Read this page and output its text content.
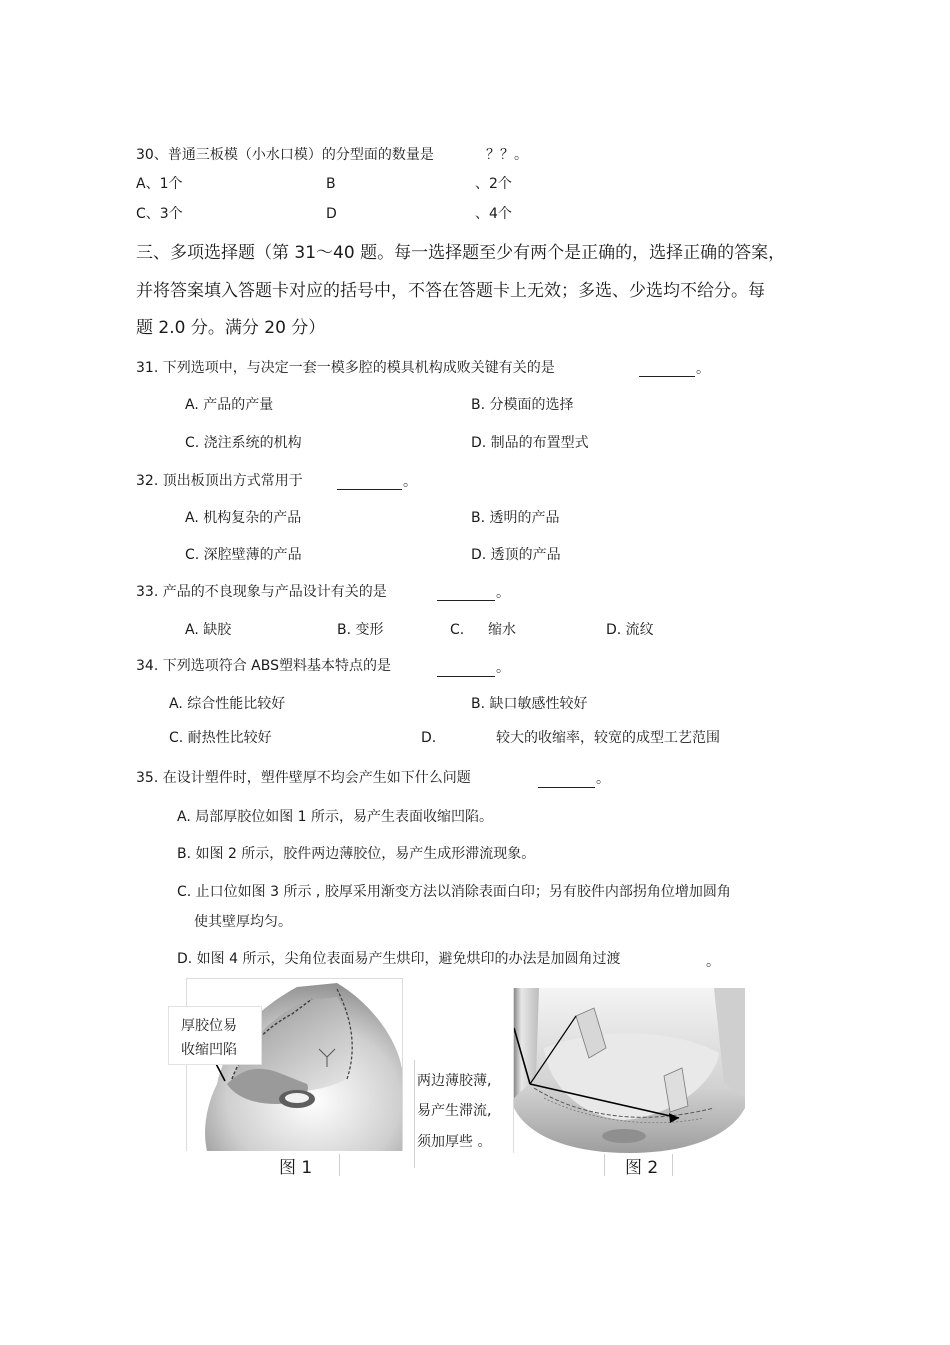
30、普通三板模（小水口模）的分型面的数量是	？？。
A、1个	B	、2个
C、3个	D	、4个
三、多项选择题（第 31～40 题。每一选择题至少有两个是正确的，选择正确的答案，
并将答案填入答题卡对应的括号中，不答在答题卡上无效；多选、少选均不给分。每
题 2.0 分。满分 20 分）
31. 下列选项中，与决定一套一模多腔的模具机构成败关键有关的是	。
A. 产品的产量	B. 分模面的选择
C. 浇注系统的机构	D. 制品的布置型式
32. 顶出板顶出方式常用于	。
A. 机构复杂的产品	B. 透明的产品
C. 深腔壁薄的产品	D. 透顶的产品
33. 产品的不良现象与产品设计有关的是	。
A. 缺胶	B. 变形	C. 缩水	D. 流纹
34. 下列选项符合 ABS塑料基本特点的是	。
A. 综合性能比较好	B. 缺口敏感性较好
C. 耐热性比较好	D.	较大的收缩率，较宽的成型工艺范围
35. 在设计塑件时，塑件壁厚不均会产生如下什么问题	。
A. 局部厚胶位如图 1 所示，易产生表面收缩凹陷。
B. 如图 2 所示，胶件两边薄胶位，易产生成形滞流现象。
C. 止口位如图 3 所示 , 胶厚采用渐变方法以消除表面白印；另有胶件内部拐角位增加圆角
使其壁厚均匀。
D. 如图 4 所示，尖角位表面易产生烘印，避免烘印的办法是加圆角过渡	。
厚胶位易
收缩凹陷
图 1
两边薄胶薄,
易产生滞流,
须加厚些 。
图 2
